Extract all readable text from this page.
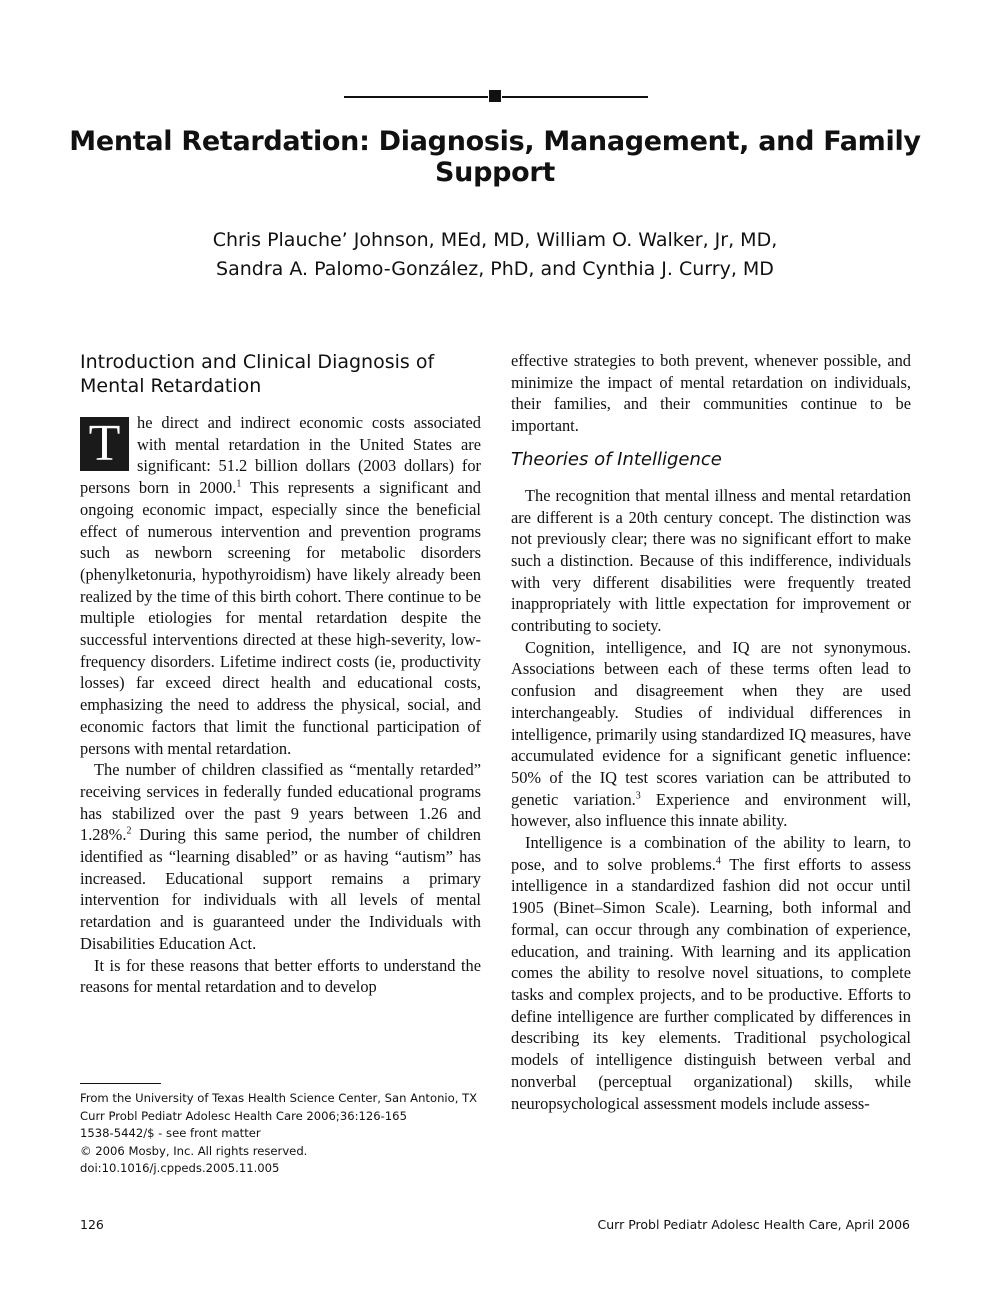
Mental Retardation: Diagnosis, Management, and Family Support
Chris Plauche’ Johnson, MEd, MD, William O. Walker, Jr, MD,
Sandra A. Palomo-González, PhD, and Cynthia J. Curry, MD
Introduction and Clinical Diagnosis of Mental Retardation

T	he direct and indirect economic costs associated with mental retardation in the United States are significant: 51.2 billion dollars (2003 dollars) for persons born in 2000.$^1$ This represents a significant and ongoing economic impact, especially since the beneficial effect of numerous intervention and prevention programs such as newborn screening for metabolic disorders (phenylketonuria, hypothyroidism) have likely already been realized by the time of this birth cohort. There continue to be multiple etiologies for mental retardation despite the successful interventions directed at these high-severity, low-frequency disorders. Lifetime indirect costs (ie, productivity losses) far exceed direct health and educational costs, emphasizing the need to address the physical, social, and economic factors that limit the functional participation of persons with mental retardation.

The number of children classified as “mentally retarded” receiving services in federally funded educational programs has stabilized over the past 9 years between 1.26 and 1.28%.$^2$ During this same period, the number of children identified as “learning disabled” or as having “autism” has increased. Educational support remains a primary intervention for individuals with all levels of mental retardation and is guaranteed under the Individuals with Disabilities Education Act.

It is for these reasons that better efforts to understand the reasons for mental retardation and to develop

effective strategies to both prevent, whenever possible, and minimize the impact of mental retardation on individuals, their families, and their communities continue to be important.

Theories of Intelligence

The recognition that mental illness and mental retardation are different is a 20th century concept. The distinction was not previously clear; there was no significant effort to make such a distinction. Because of this indifference, individuals with very different disabilities were frequently treated inappropriately with little expectation for improvement or contributing to society.

Cognition, intelligence, and IQ are not synonymous. Associations between each of these terms often lead to confusion and disagreement when they are used interchangeably. Studies of individual differences in intelligence, primarily using standardized IQ measures, have accumulated evidence for a significant genetic influence: 50% of the IQ test scores variation can be attributed to genetic variation.$^3$ Experience and environment will, however, also influence this innate ability.

Intelligence is a combination of the ability to learn, to pose, and to solve problems.$^4$ The first efforts to assess intelligence in a standardized fashion did not occur until 1905 (Binet–Simon Scale). Learning, both informal and formal, can occur through any combination of experience, education, and training. With learning and its application comes the ability to resolve novel situations, to complete tasks and complex projects, and to be productive. Efforts to define intelligence are further complicated by differences in describing its key elements. Traditional psychological models of intelligence distinguish between verbal and nonverbal (perceptual organizational) skills, while neuropsychological assessment models include assess-

From the University of Texas Health Science Center, San Antonio, TX
Curr Probl Pediatr Adolesc Health Care 2006;36:126-165
1538-5442/$ - see front matter
© 2006 Mosby, Inc. All rights reserved.
doi:10.1016/j.cppeds.2005.11.005
126	Curr Probl Pediatr Adolesc Health Care, April 2006
